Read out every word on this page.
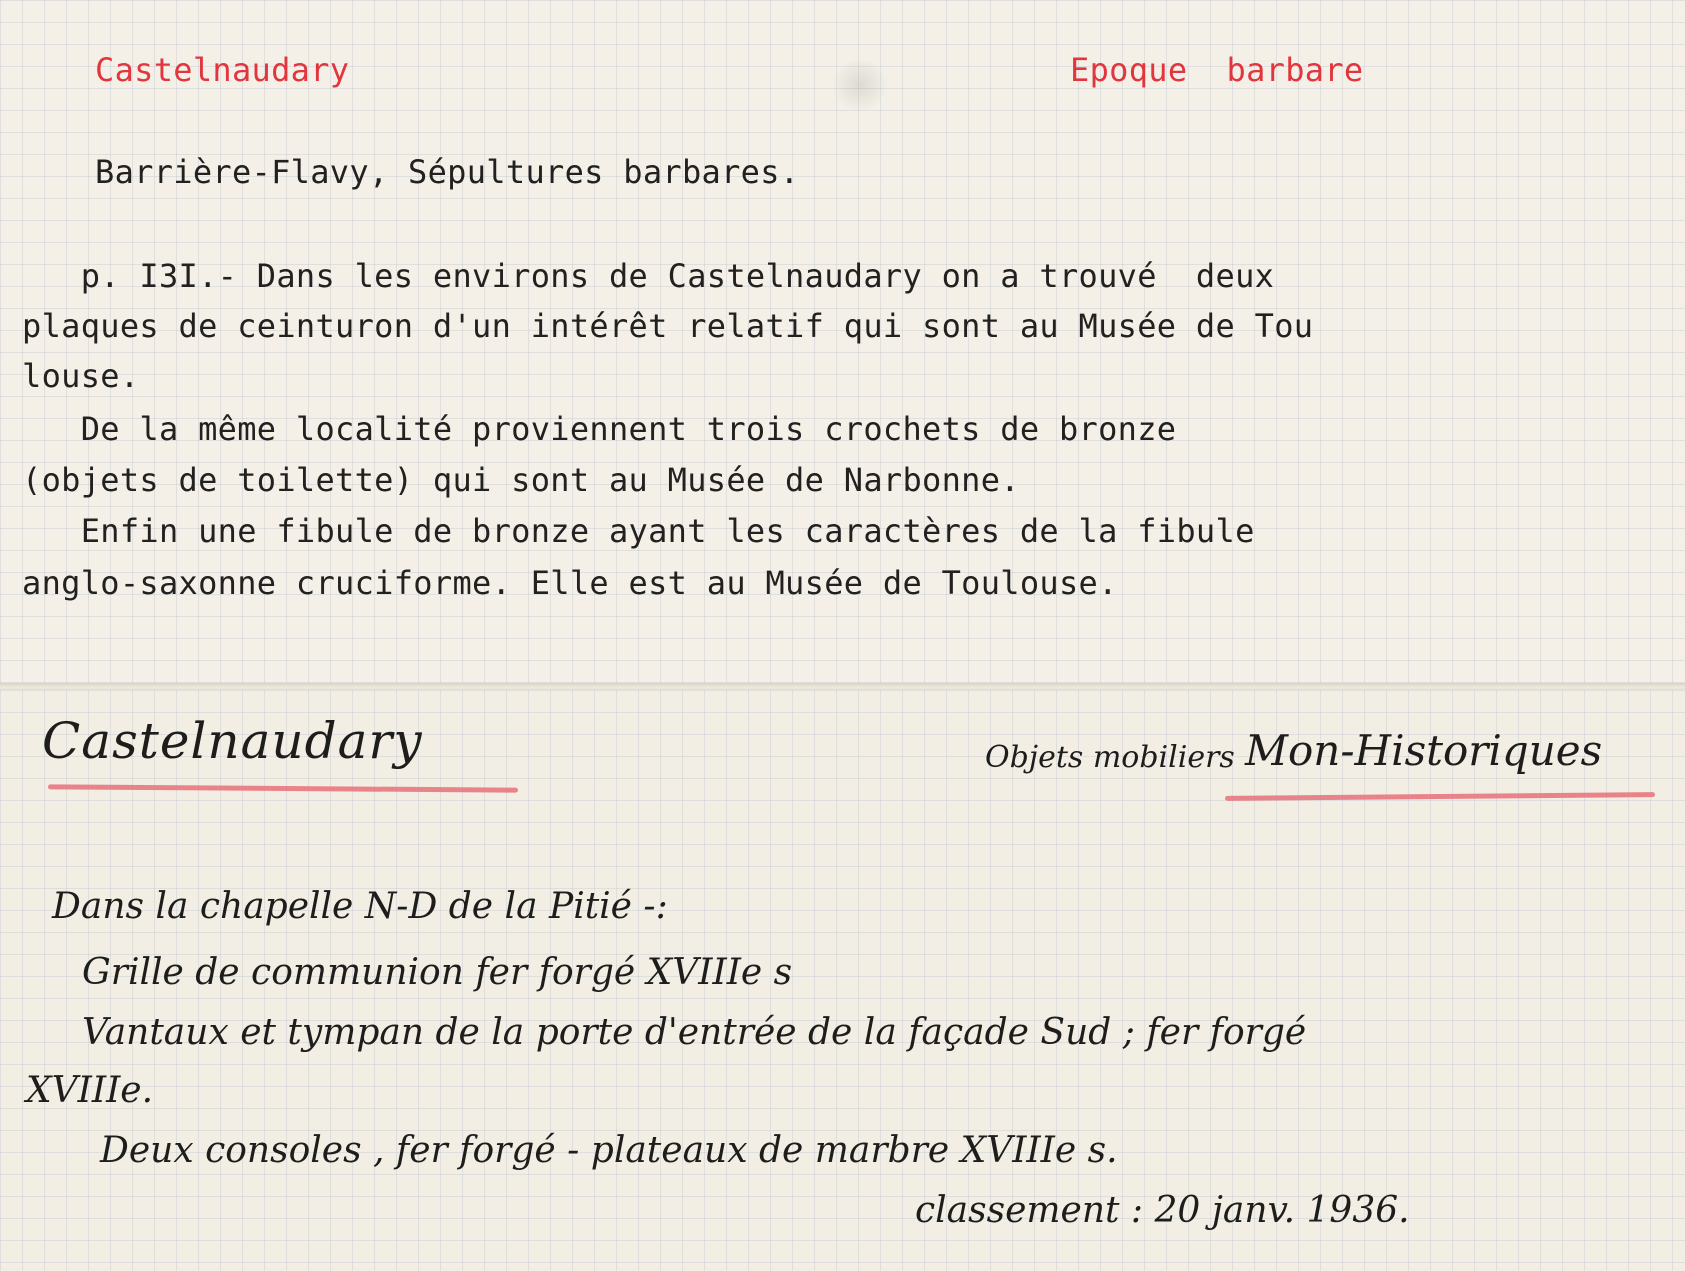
Castelnaudary	Epoque  barbare
Barrière-Flavy, Sépultures barbares.

p. I3I.- Dans les environs de Castelnaudary on a trouvé  deux

plaques de ceinturon d'un intérêt relatif qui sont au Musée de Tou

louse.

De la même localité proviennent trois crochets de bronze

(objets de toilette) qui sont au Musée de Narbonne.

Enfin une fibule de bronze ayant les caractères de la fibule

anglo-saxonne cruciforme. Elle est au Musée de Toulouse.

Castelnaudary	Objets mobiliers Mon-Historiques
Dans la chapelle N-D de la Pitié -:
Grille de communion fer forgé XVIIIe s
Vantaux et tympan de la porte d'entrée de la façade Sud ; fer forgé
XVIIIe.
Deux consoles , fer forgé - plateaux de marbre XVIIIe s.
classement : 20 janv. 1936.
